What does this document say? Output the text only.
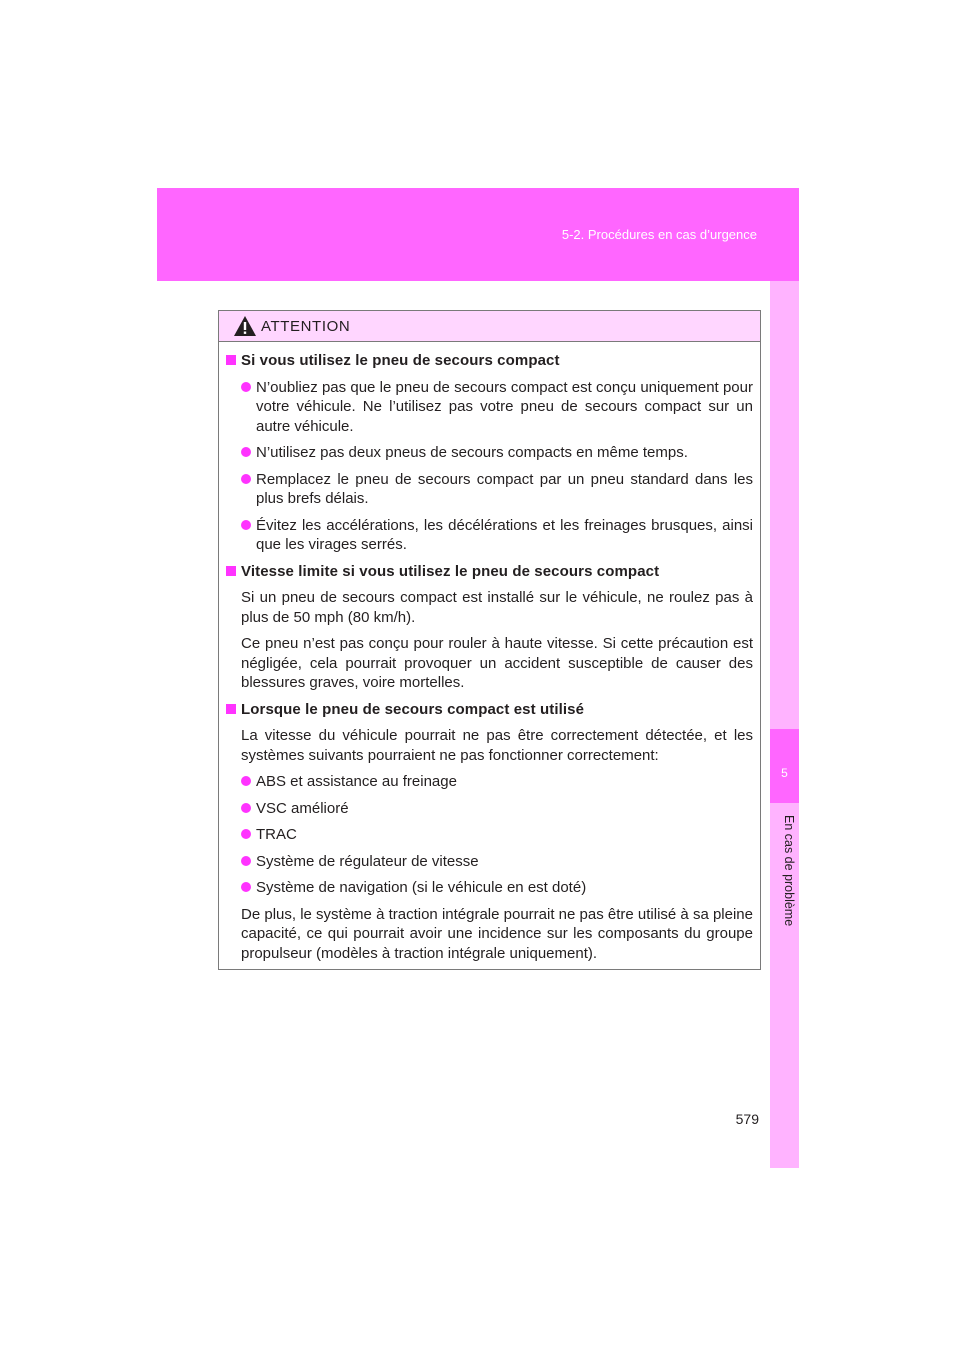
5-2. Procédures en cas d’urgence
5
En cas de problème
ATTENTION
Si vous utilisez le pneu de secours compact
N’oubliez pas que le pneu de secours compact est conçu uniquement pour votre véhicule. Ne l’utilisez pas votre pneu de secours compact sur un autre véhicule.
N’utilisez pas deux pneus de secours compacts en même temps.
Remplacez le pneu de secours compact par un pneu standard dans les plus brefs délais.
Évitez les accélérations, les décélérations et les freinages brusques, ainsi que les virages serrés.
Vitesse limite si vous utilisez le pneu de secours compact
Si un pneu de secours compact est installé sur le véhicule, ne roulez pas à plus de 50 mph (80 km/h).
Ce pneu n’est pas conçu pour rouler à haute vitesse. Si cette précaution est négligée, cela pourrait provoquer un accident susceptible de causer des blessures graves, voire mortelles.
Lorsque le pneu de secours compact est utilisé
La vitesse du véhicule pourrait ne pas être correctement détectée, et les systèmes suivants pourraient ne pas fonctionner correctement:
ABS et assistance au freinage
VSC amélioré
TRAC
Système de régulateur de vitesse
Système de navigation (si le véhicule en est doté)
De plus, le système à traction intégrale pourrait ne pas être utilisé à sa pleine capacité, ce qui pourrait avoir une incidence sur les composants du groupe propulseur (modèles à traction intégrale uniquement).
579
